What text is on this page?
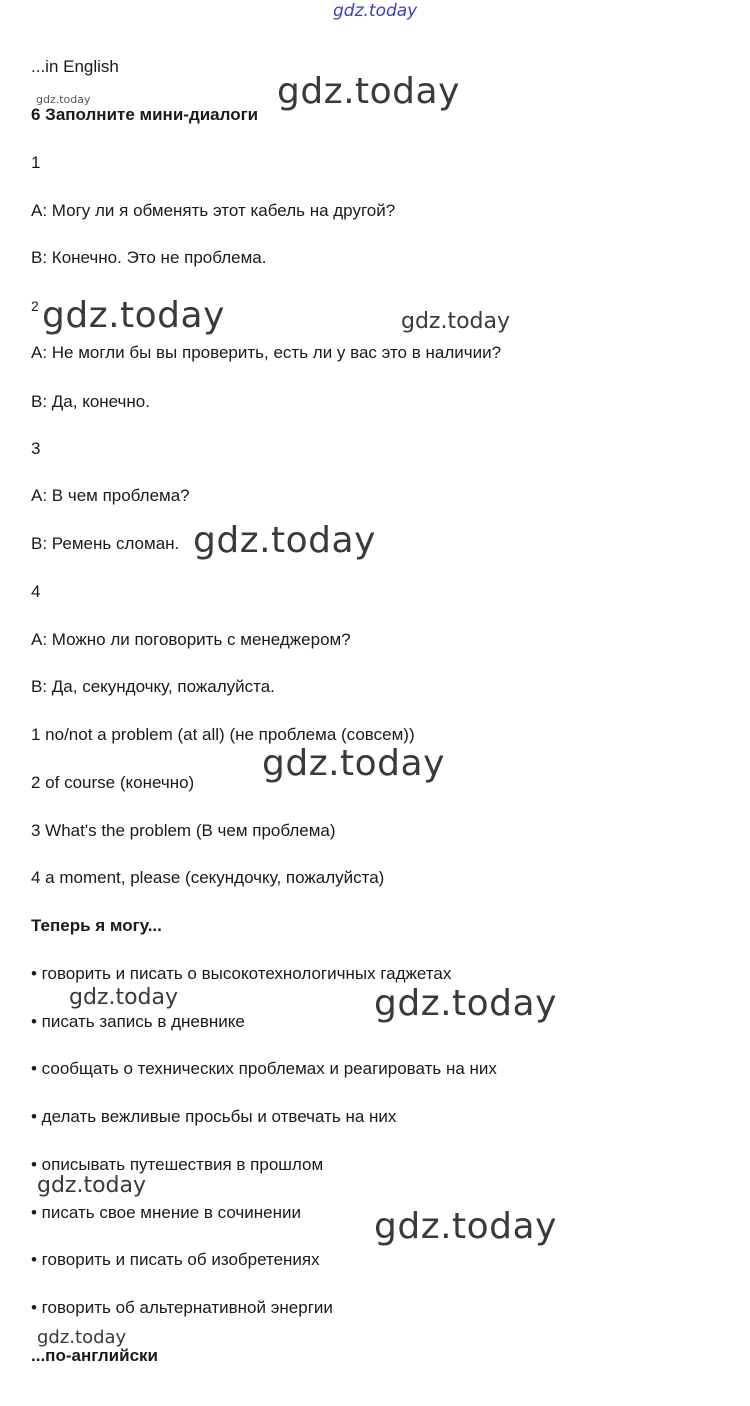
gdz.today
gdz.today
gdz.today
gdz.today	gdz.today
gdz.today
gdz.today
gdz.today	gdz.today
gdz.today
gdz.today
gdz.today
...in English
6 Заполните мини-диалоги
1
A: Могу ли я обменять этот кабель на другой?
B: Конечно. Это не проблема.
2
A: Не могли бы вы проверить, есть ли у вас это в наличии?
B: Да, конечно.
3
A: В чем проблема?
B: Ремень сломан.
4
A: Можно ли поговорить с менеджером?
B: Да, секундочку, пожалуйста.
1 no/not a problem (at all) (не проблема (совсем))
2 of course (конечно)
3 What's the problem (В чем проблема)
4 a moment, please (секундочку, пожалуйста)
Теперь я могу...
• говорить и писать о высокотехнологичных гаджетах
• писать запись в дневнике
• сообщать о технических проблемах и реагировать на них
• делать вежливые просьбы и отвечать на них
• описывать путешествия в прошлом
• писать свое мнение в сочинении
• говорить и писать об изобретениях
• говорить об альтернативной энергии
...по-английски
